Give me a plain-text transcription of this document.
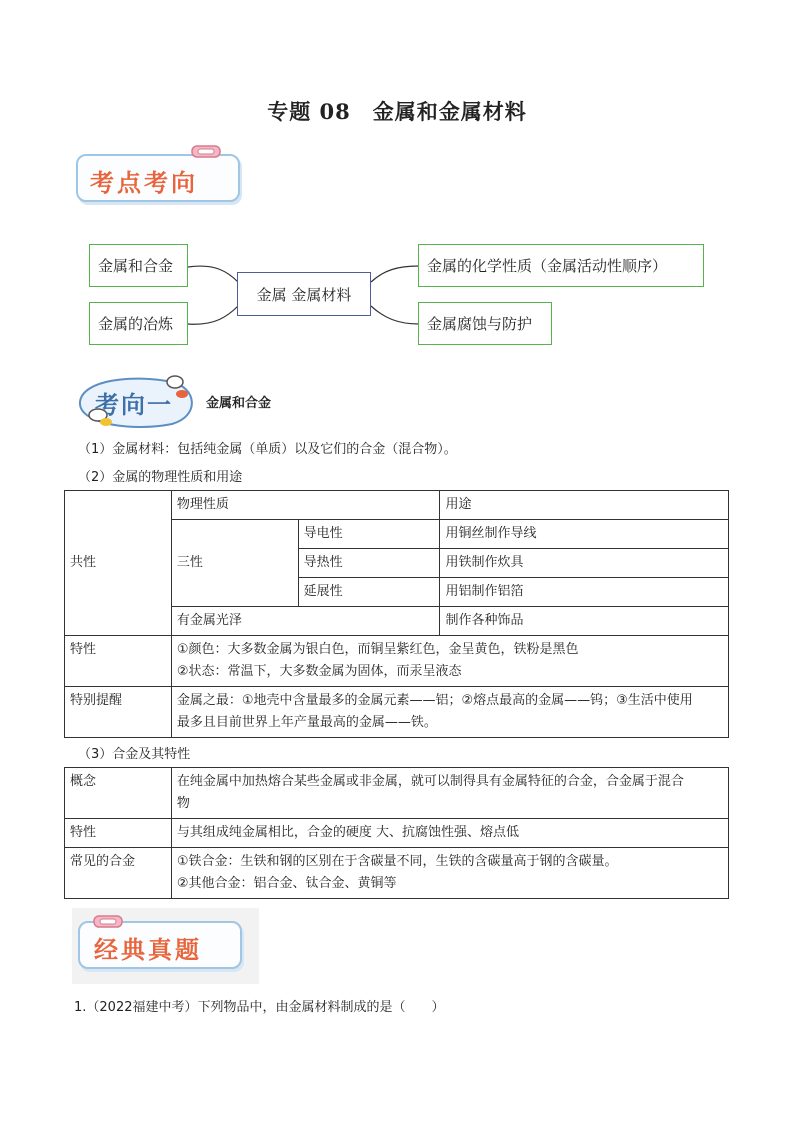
专题 08　金属和金属材料
考点考向
金属和合金
金属的冶炼
金属 金属材料
金属的化学性质（金属活动性顺序）
金属腐蚀与防护
考向一	金属和合金
（1）金属材料：包括纯金属（单质）以及它们的合金（混合物）。
（2）金属的物理性质和用途
共性	物理性质		用途
	三性	导电性	用铜丝制作导线
		导热性	用铁制作炊具
		延展性	用铝制作铝箔
	有金属光泽		制作各种饰品
特性	①颜色：大多数金属为银白色，而铜呈紫红色，金呈黄色，铁粉是黑色
②状态：常温下，大多数金属为固体，而汞呈液态		

特别提醒	金属之最：①地壳中含量最多的金属元素——铝；②熔点最高的金属——钨；③生活中使用
最多且目前世界上年产量最高的金属——铁。		
（3）合金及其特性
概念	在纯金属中加热熔合某些金属或非金属，就可以制得具有金属特征的合金，合金属于混合
物

特性	与其组成纯金属相比，合金的硬度 大、抗腐蚀性强、熔点低
常见的合金	①铁合金：生铁和钢的区别在于含碳量不同，生铁的含碳量高于钢的含碳量。
②其他合金：铝合金、钛合金、黄铜等
经典真题
1.（2022福建中考）下列物品中，由金属材料制成的是（　　）
